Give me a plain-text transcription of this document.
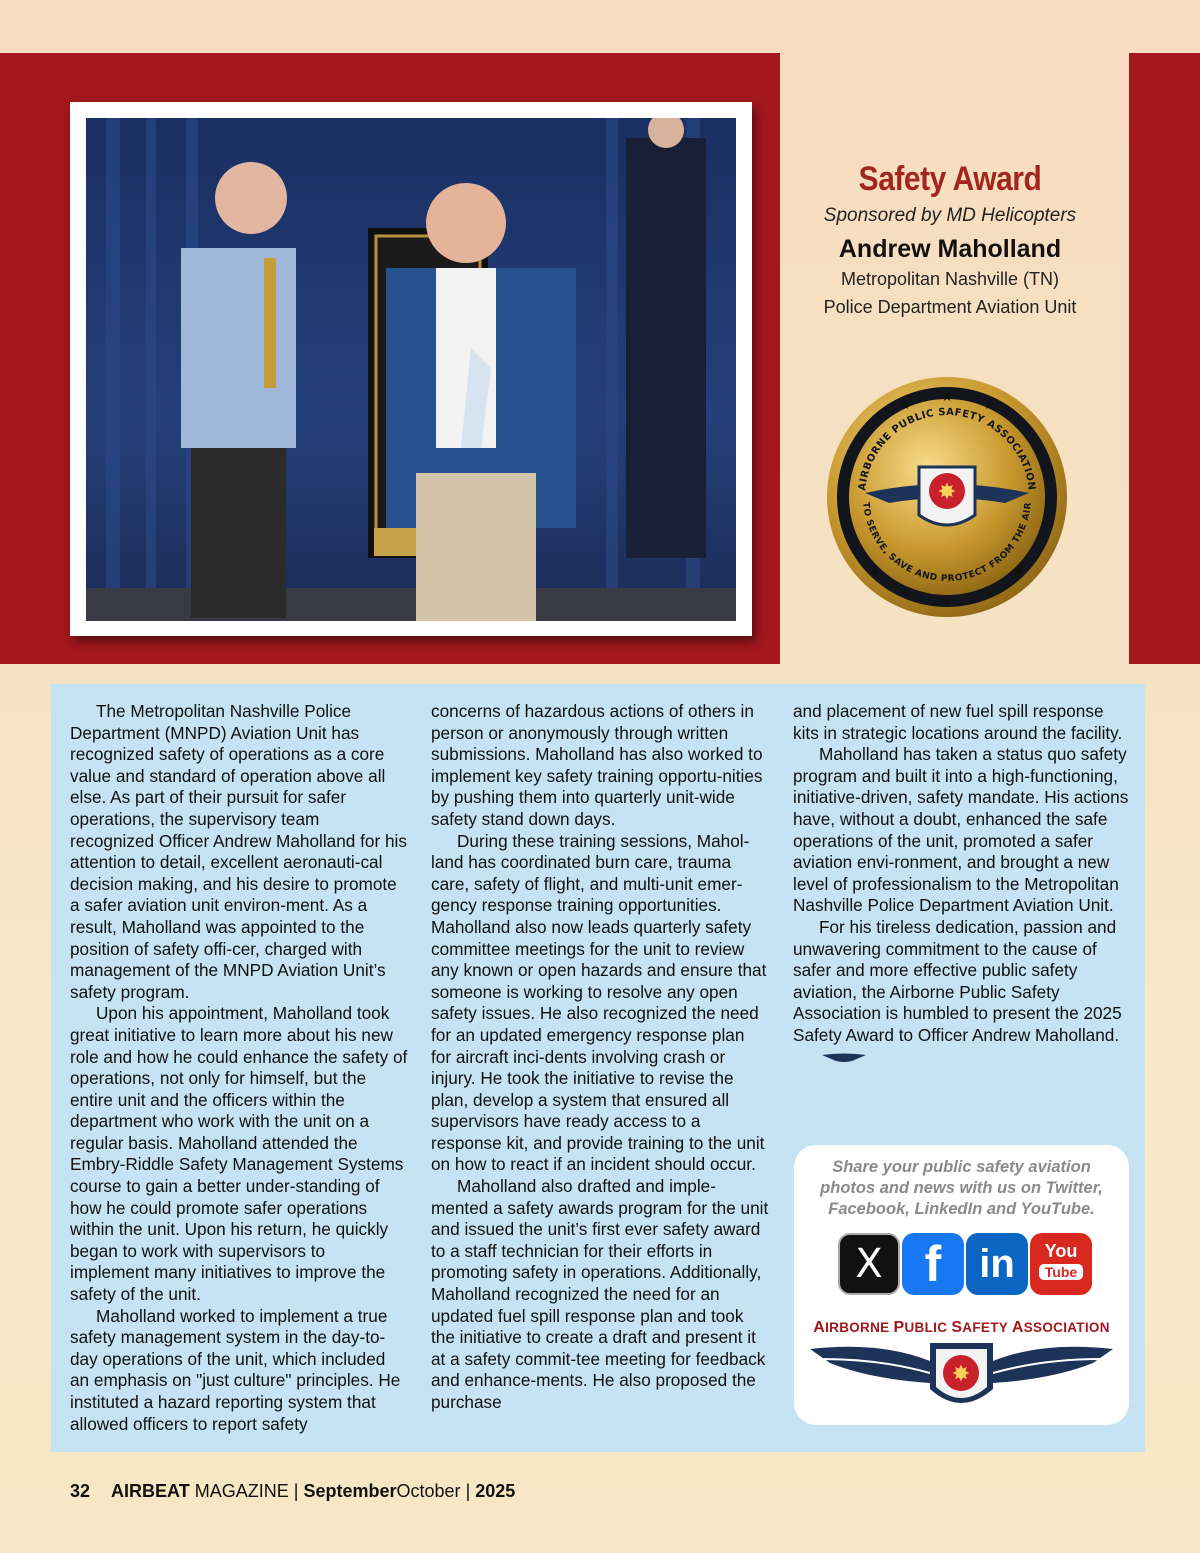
Safety Award
Sponsored by MD Helicopters
Andrew Maholland
Metropolitan Nashville (TN)
Police Department Aviation Unit
★
★	★
★
★	★
★	★
AIRBORNE PUBLIC SAFETY ASSOCIATION
TO SERVE, SAVE AND PROTECT FROM THE AIR
✸

The Metropolitan Nashville Police Department (MNPD) Aviation Unit has recognized safety of operations as a core value and standard of operation above all else. As part of their pursuit for safer operations, the supervisory team recognized Officer Andrew Maholland for his attention to detail, excellent aeronauti-cal decision making, and his desire to promote a safer aviation unit environ-ment. As a result, Maholland was appointed to the position of safety offi-cer, charged with management of the MNPD Aviation Unit’s safety program.

Upon his appointment, Maholland took great initiative to learn more about his new role and how he could enhance the safety of operations, not only for himself, but the entire unit and the officers within the department who work with the unit on a regular basis. Maholland attended the Embry-Riddle Safety Management Systems course to gain a better under-standing of how he could promote safer operations within the unit. Upon his return, he quickly began to work with supervisors to implement many initiatives to improve the safety of the unit.

Maholland worked to implement a true safety management system in the day-to-day operations of the unit, which included an emphasis on "just culture" principles. He instituted a hazard reporting system that allowed officers to report safety

concerns of hazardous actions of others in person or anonymously through written submissions. Maholland has also worked to implement key safety training opportu-nities by pushing them into quarterly unit-wide safety stand down days.

During these training sessions, Mahol-land has coordinated burn care, trauma care, safety of flight, and multi-unit emer-gency response training opportunities. Maholland also now leads quarterly safety committee meetings for the unit to review any known or open hazards and ensure that someone is working to resolve any open safety issues. He also recognized the need for an updated emergency response plan for aircraft inci-dents involving crash or injury. He took the initiative to revise the plan, develop a system that ensured all supervisors have ready access to a response kit, and provide training to the unit on how to react if an incident should occur.

Maholland also drafted and imple-mented a safety awards program for the unit and issued the unit’s first ever safety award to a staff technician for their efforts in promoting safety in operations. Additionally, Maholland recognized the need for an updated fuel spill response plan and took the initiative to create a draft and present it at a safety commit-tee meeting for feedback and enhance-ments. He also proposed the purchase

and placement of new fuel spill response kits in strategic locations around the facility.

Maholland has taken a status quo safety program and built it into a high-functioning, initiative-driven, safety mandate. His actions have, without a doubt, enhanced the safe operations of the unit, promoted a safer aviation envi-ronment, and brought a new level of professionalism to the Metropolitan Nashville Police Department Aviation Unit.

For his tireless dedication, passion and unwavering commitment to the cause of safer and more effective public safety aviation, the Airborne Public Safety Association is humbled to present the 2025 Safety Award to Officer Andrew Maholland.

Share your public safety aviation photos and news with us on Twitter, Facebook, LinkedIn and YouTube.
X f in	You
Tube
AIRBORNE PUBLIC SAFETY ASSOCIATION
✸
32 AIRBEAT MAGAZINE | SeptemberOctober | 2025
